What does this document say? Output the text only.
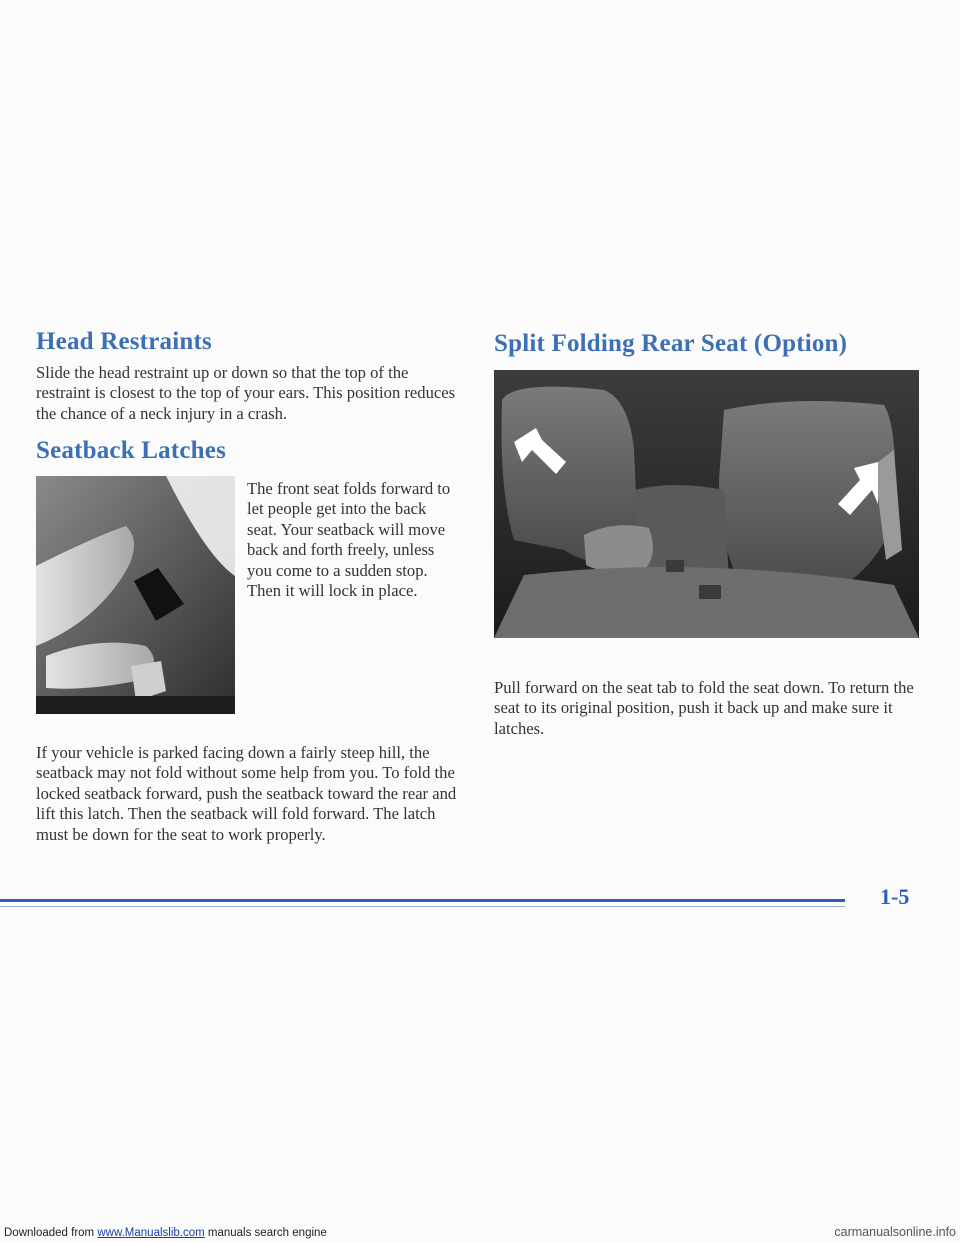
Head Restraints

Slide the head restraint up or down so that the top of the restraint is closest to the top of your ears. This position reduces the chance of a neck injury in a crash.

Seatback Latches

The front seat folds forward to let people get into the back seat. Your seatback will move back and forth freely, unless you come to a sudden stop. Then it will lock in place.

If your vehicle is parked facing down a fairly steep hill, the seatback may not fold without some help from you. To fold the locked seatback forward, push the seatback toward the rear and lift this latch. Then the seatback will fold forward. The latch must be down for the seat to work properly.

Split Folding Rear Seat (Option)

Pull forward on the seat tab to fold the seat down. To return the seat to its original position, push it back up and make sure it latches.

1-5
Downloaded from www.Manualslib.com manuals search engine	carmanualsonline.info
